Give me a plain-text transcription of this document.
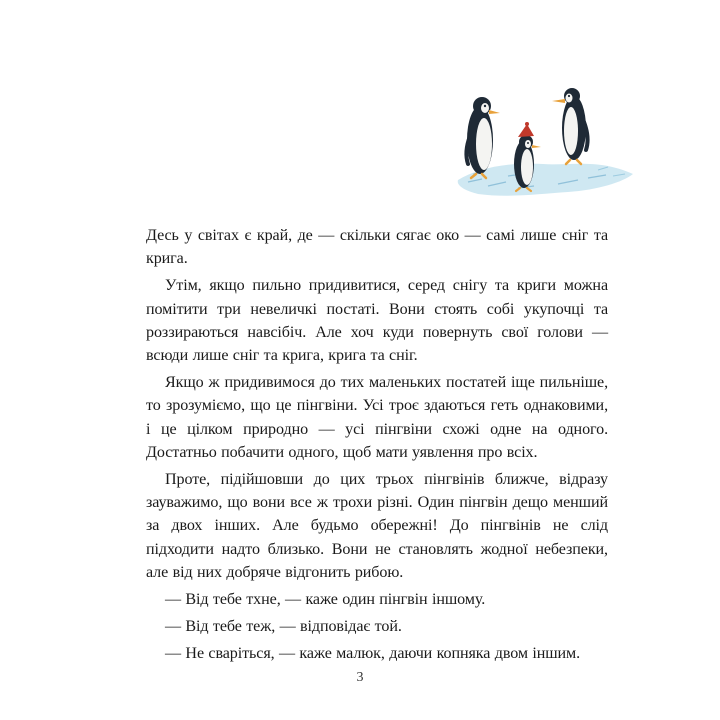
Десь у світах є край, де — скільки сягає око — самі лише сніг та крига.

Утім, якщо пильно придивитися, серед снігу та криги можна помітити три невеличкі постаті. Вони стоять собі укупочці та роззираються навсібіч. Але хоч куди повернуть свої голови — всюди лише сніг та крига, крига та сніг.

Якщо ж придивимося до тих маленьких постатей іще пильніше, то зрозуміємо, що це пінгвіни. Усі троє здаються геть однаковими, і це цілком природно — усі пінгвіни схожі одне на одного. Достатньо побачити одного, щоб мати уявлення про всіх.

Проте, підійшовши до цих трьох пінгвінів ближче, відразу зауважимо, що вони все ж трохи різні. Один пінгвін дещо менший за двох інших. Але будьмо обережні! До пінгвінів не слід підходити надто близько. Вони не становлять жодної небезпеки, але від них добряче відгонить рибою.

— Від тебе тхне, — каже один пінгвін іншому.

— Від тебе теж, — відповідає той.

— Не сваріться, — каже малюк, даючи копняка двом іншим.

3
